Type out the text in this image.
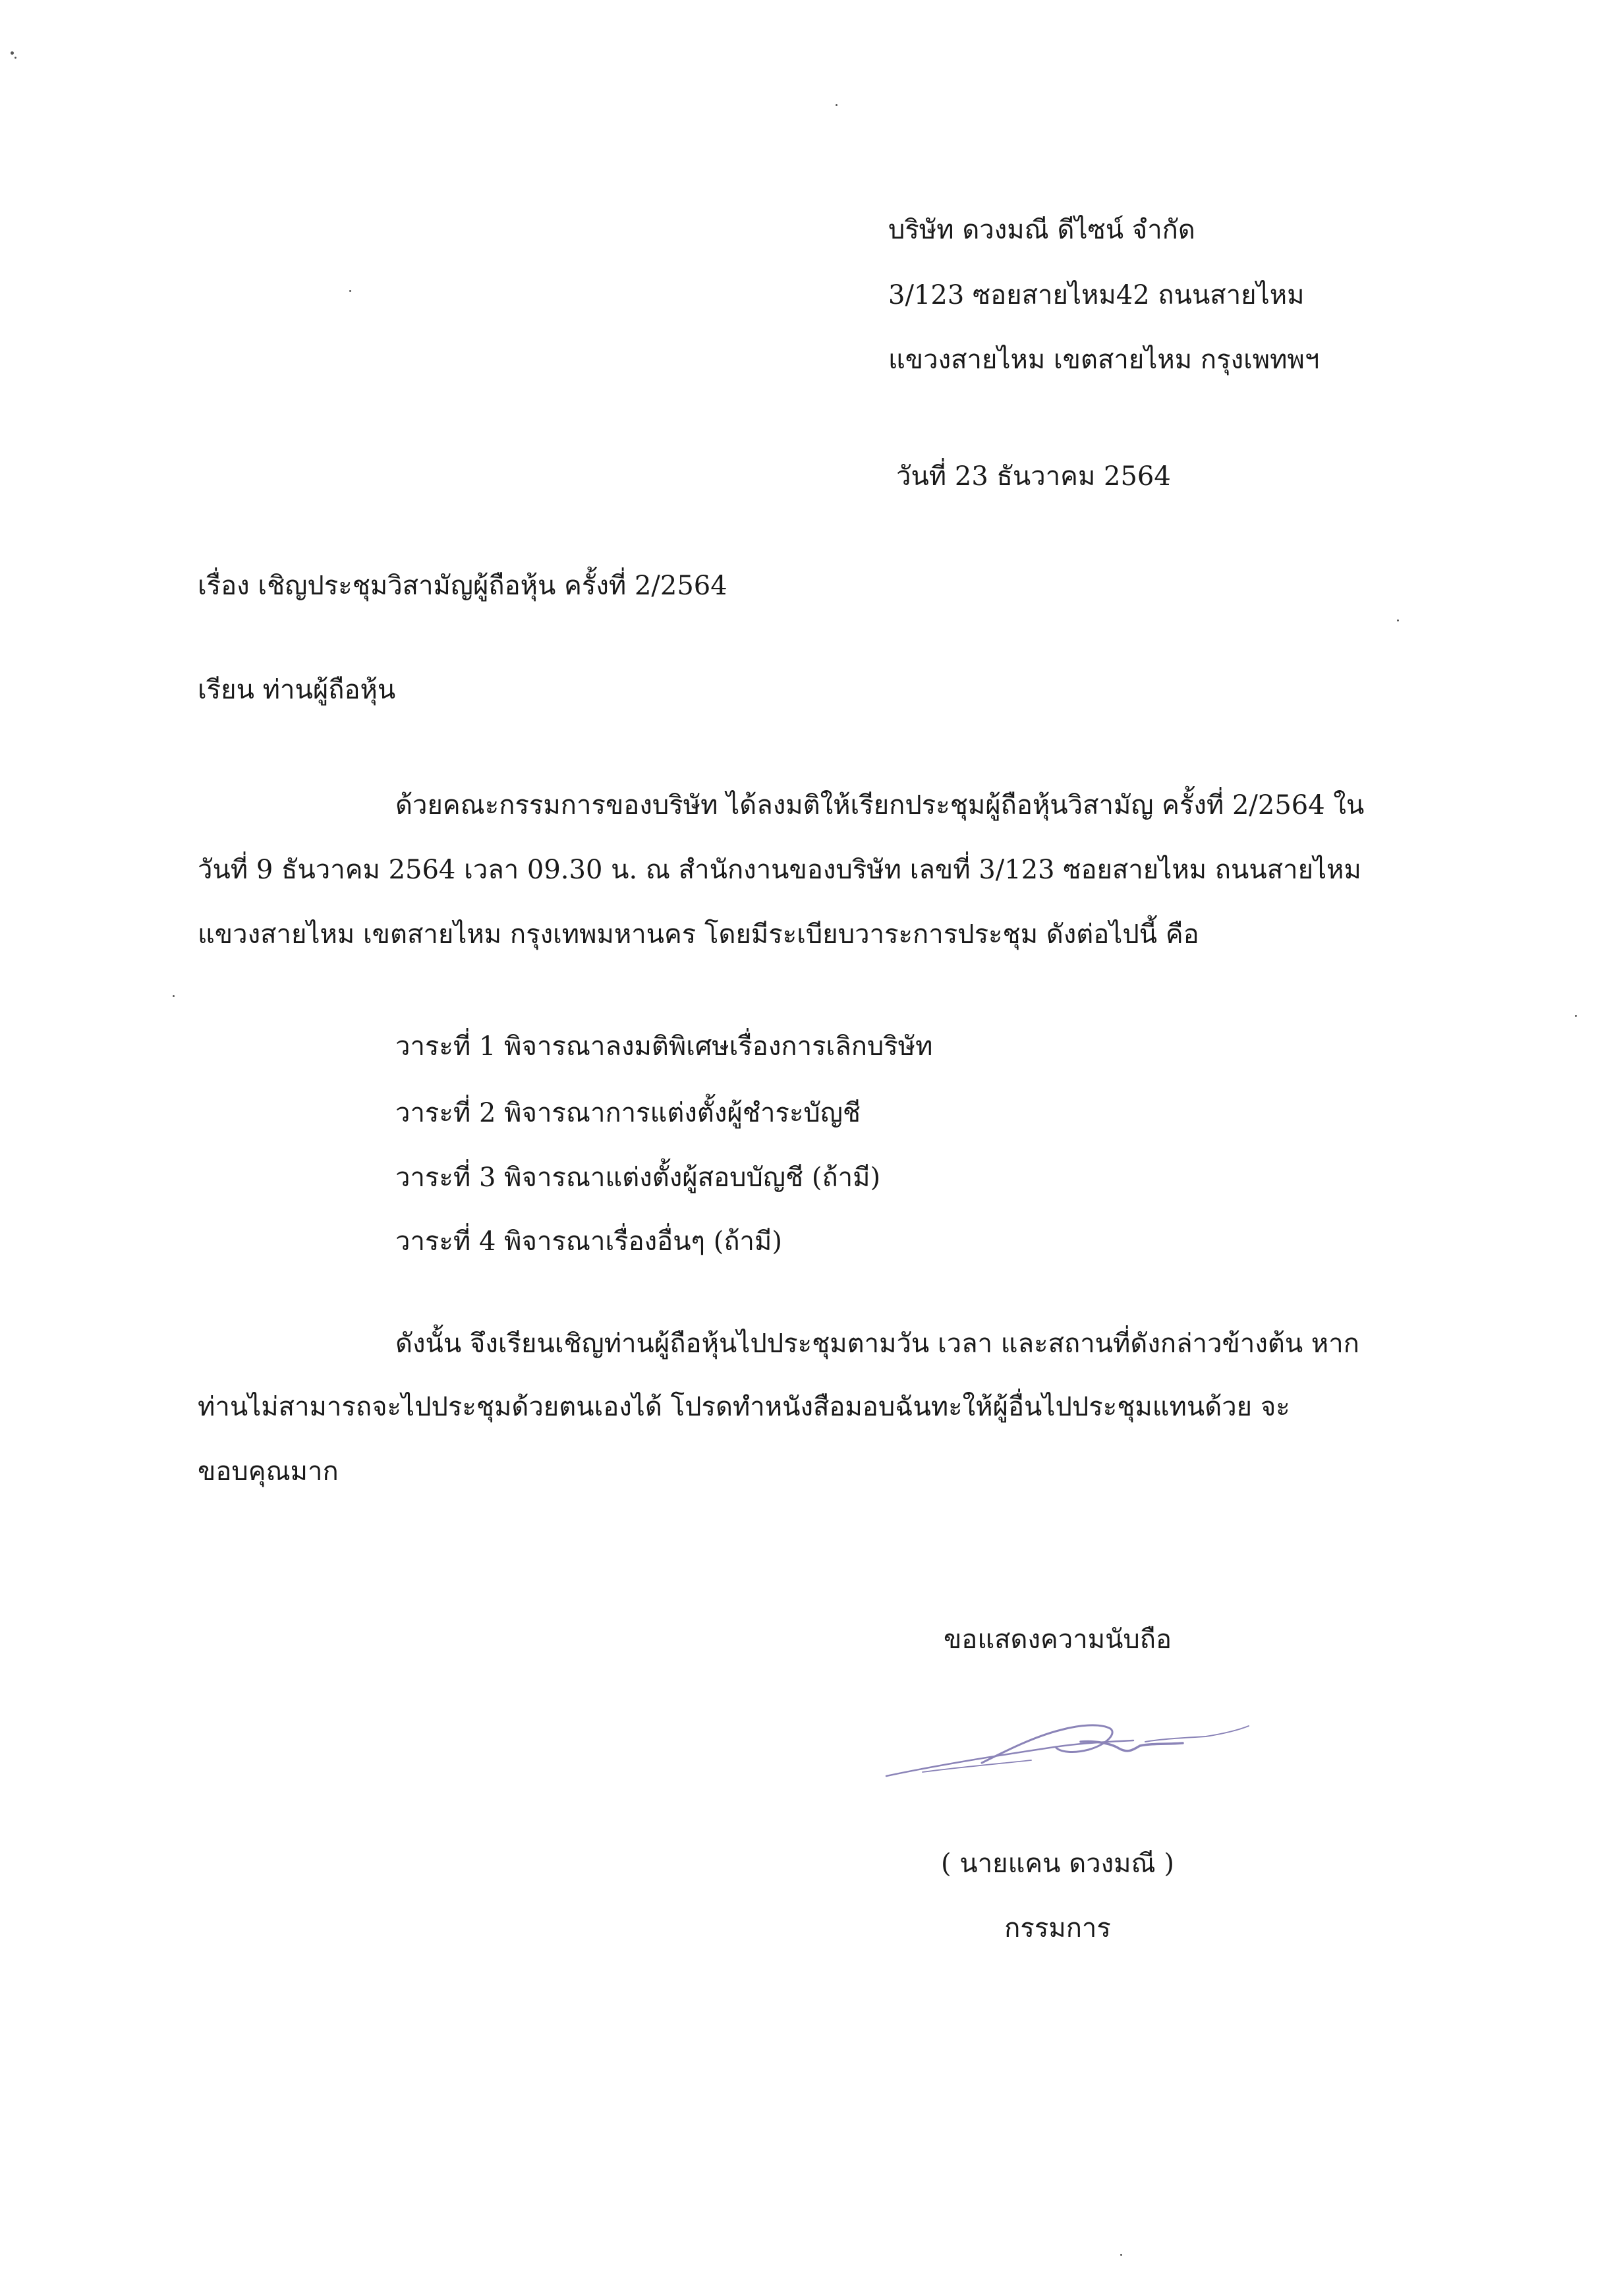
บริษัท ดวงมณี ดีไซน์ จำกัด
3/123 ซอยสายไหม42 ถนนสายไหม
แขวงสายไหม เขตสายไหม กรุงเพทพฯ
วันที่ 23 ธันวาคม 2564
เรื่อง เชิญประชุมวิสามัญผู้ถือหุ้น ครั้งที่ 2/2564
เรียน ท่านผู้ถือหุ้น
ด้วยคณะกรรมการของบริษัท ได้ลงมติให้เรียกประชุมผู้ถือหุ้นวิสามัญ ครั้งที่ 2/2564 ใน
วันที่ 9 ธันวาคม 2564 เวลา 09.30 น. ณ สำนักงานของบริษัท เลขที่ 3/123 ซอยสายไหม ถนนสายไหม
แขวงสายไหม เขตสายไหม กรุงเทพมหานคร โดยมีระเบียบวาระการประชุม ดังต่อไปนี้ คือ
วาระที่ 1 พิจารณาลงมติพิเศษเรื่องการเลิกบริษัท
วาระที่ 2 พิจารณาการแต่งตั้งผู้ชำระบัญชี
วาระที่ 3 พิจารณาแต่งตั้งผู้สอบบัญชี (ถ้ามี)
วาระที่ 4 พิจารณาเรื่องอื่นๆ (ถ้ามี)
ดังนั้น จึงเรียนเชิญท่านผู้ถือหุ้นไปประชุมตามวัน เวลา และสถานที่ดังกล่าวข้างต้น หาก
ท่านไม่สามารถจะไปประชุมด้วยตนเองได้ โปรดทำหนังสือมอบฉันทะให้ผู้อื่นไปประชุมแทนด้วย จะ
ขอบคุณมาก
ขอแสดงความนับถือ
( นายแคน ดวงมณี )
กรรมการ
